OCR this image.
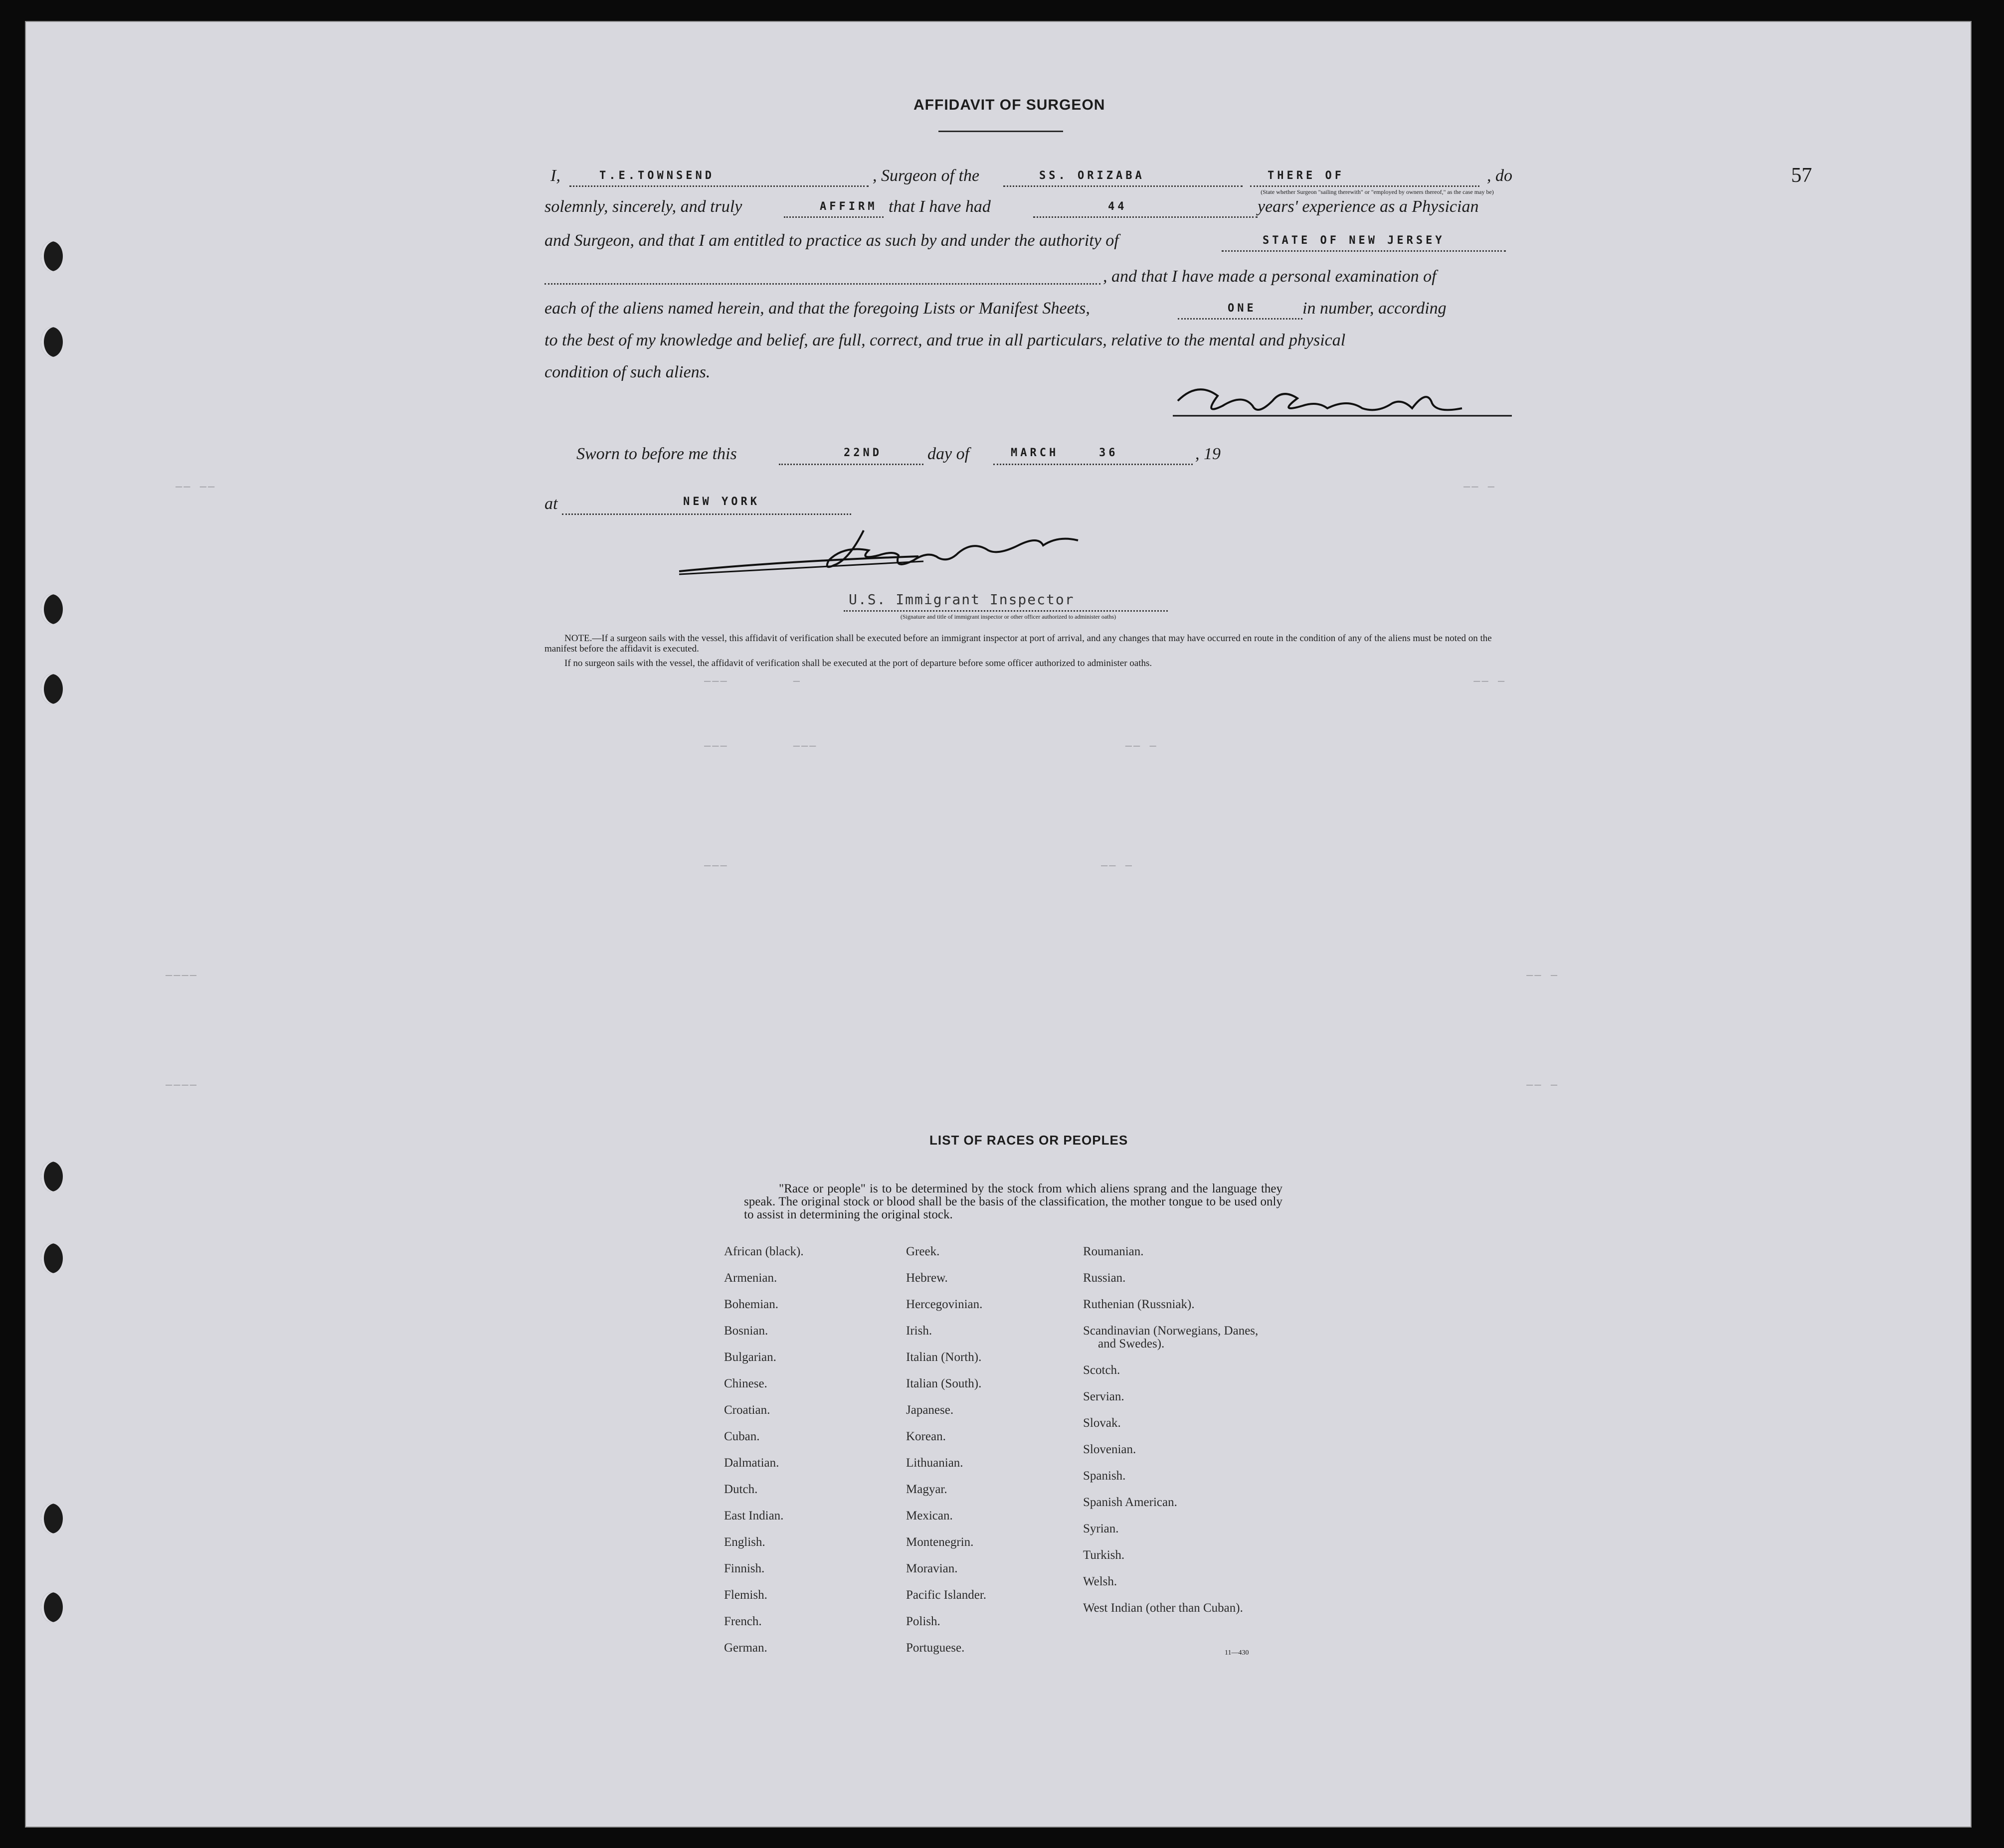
—— ——                                                                                                                                                          —— —
———        —                                                                                   —— —
———        ———                                      —— —
———                                              —— —
————                                                                                                                                                                    —— —
————                                                                                                                                                                    —— —
57
AFFIDAVIT OF SURGEON
I,	T.E.TOWNSEND	, Surgeon of the	SS. ORIZABA	THERE OF	, do
(State whether Surgeon "sailing therewith" or "employed by owners thereof," as the case may be)
solemnly, sincerely, and truly	AFFIRM that I have had	44	years' experience as a Physician
and Surgeon, and that I am entitled to practice as such by and under the authority of	STATE OF NEW JERSEY
, and that I have made a personal examination of
each of the aliens named herein, and that the foregoing Lists or Manifest Sheets,	ONE	in number, according
to the best of my knowledge and belief, are full, correct, and true in all particulars, relative to the mental and physical
condition of such aliens.
Sworn to before me this	22ND	day of	MARCH	36	, 19
at	NEW YORK
U.S. Immigrant Inspector
(Signature and title of immigrant inspector or other officer authorized to administer oaths)
NOTE.—If a surgeon sails with the vessel, this affidavit of verification shall be executed before an immigrant inspector at port of arrival, and any changes that may have occurred en route in the condition of any of the aliens must be noted on the manifest before the affidavit is executed.
If no surgeon sails with the vessel, the affidavit of verification shall be executed at the port of departure before some officer authorized to administer oaths.
LIST OF RACES OR PEOPLES
"Race or people" is to be determined by the stock from which aliens sprang and the language they speak. The original stock or blood shall be the basis of the classification, the mother tongue to be used only to assist in determining the original stock.
African (black).
Armenian.
Bohemian.
Bosnian.
Bulgarian.
Chinese.
Croatian.
Cuban.
Dalmatian.
Dutch.
East Indian.
English.
Finnish.
Flemish.
French.
German.
Greek.
Hebrew.
Hercegovinian.
Irish.
Italian (North).
Italian (South).
Japanese.
Korean.
Lithuanian.
Magyar.
Mexican.
Montenegrin.
Moravian.
Pacific Islander.
Polish.
Portuguese.
Roumanian.
Russian.
Ruthenian (Russniak).
Scandinavian (Norwegians, Danes, and Swedes).
Scotch.
Servian.
Slovak.
Slovenian.
Spanish.
Spanish American.
Syrian.
Turkish.
Welsh.
West Indian (other than Cuban).
11—430
